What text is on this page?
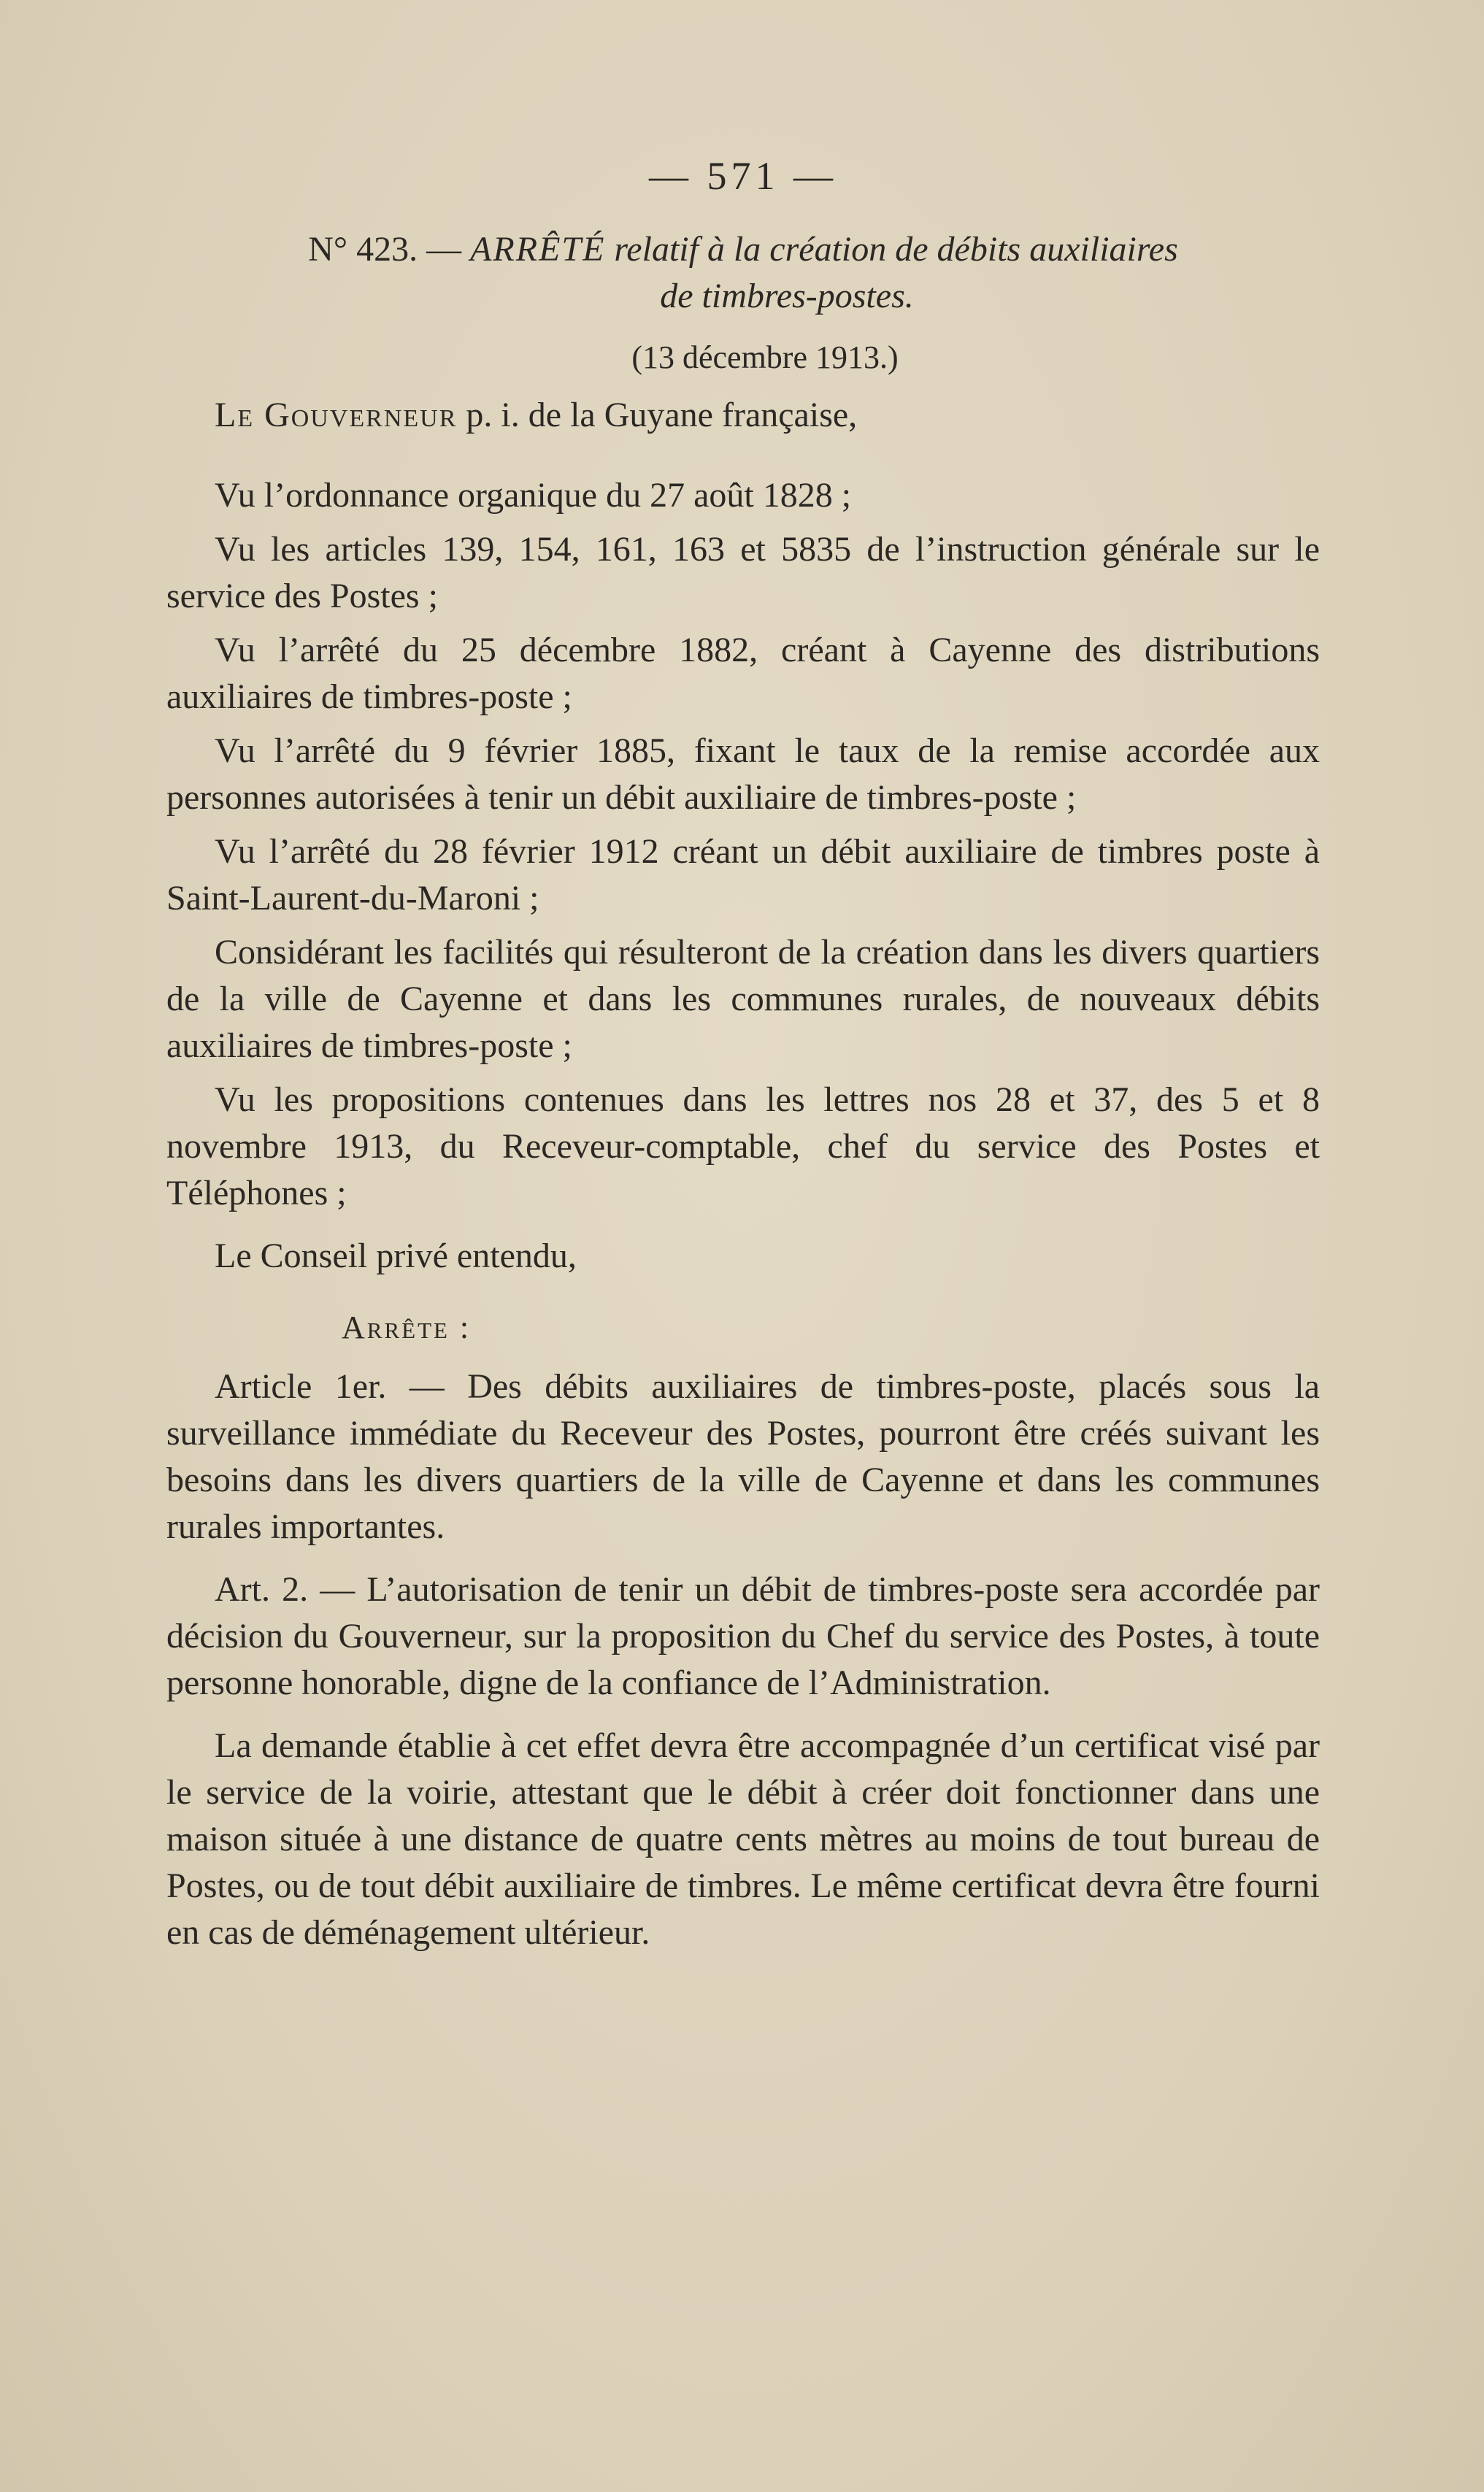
— 571 —
N° 423. — ARRÊTÉ relatif à la création de débits auxiliaires
de timbres-postes.
(13 décembre 1913.)

Le Gouverneur p. i. de la Guyane française,

Vu l’ordonnance organique du 27 août 1828 ;

Vu les articles 139, 154, 161, 163 et 5835 de l’instruction générale sur le service des Postes ;

Vu l’arrêté du 25 décembre 1882, créant à Cayenne des distributions auxiliaires de timbres-poste ;

Vu l’arrêté du 9 février 1885, fixant le taux de la remise accordée aux personnes autorisées à tenir un débit auxiliaire de timbres-poste ;

Vu l’arrêté du 28 février 1912 créant un débit auxiliaire de timbres poste à Saint-Laurent-du-Maroni ;

Considérant les facilités qui résulteront de la création dans les divers quartiers de la ville de Cayenne et dans les communes rurales, de nouveaux débits auxiliaires de timbres-poste ;

Vu les propositions contenues dans les lettres nos 28 et 37, des 5 et 8 novembre 1913, du Receveur-comptable, chef du service des Postes et Téléphones ;

Le Conseil privé entendu,

Arrête :

Article 1er. — Des débits auxiliaires de timbres-poste, placés sous la surveillance immédiate du Receveur des Postes, pourront être créés suivant les besoins dans les divers quartiers de la ville de Cayenne et dans les communes rurales importantes.

Art. 2. — L’autorisation de tenir un débit de timbres-poste sera accordée par décision du Gouverneur, sur la proposition du Chef du service des Postes, à toute personne honorable, digne de la confiance de l’Administration.

La demande établie à cet effet devra être accompagnée d’un certificat visé par le service de la voirie, attestant que le débit à créer doit fonctionner dans une maison située à une distance de quatre cents mètres au moins de tout bureau de Postes, ou de tout débit auxiliaire de timbres. Le même certificat devra être fourni en cas de déménagement ultérieur.
